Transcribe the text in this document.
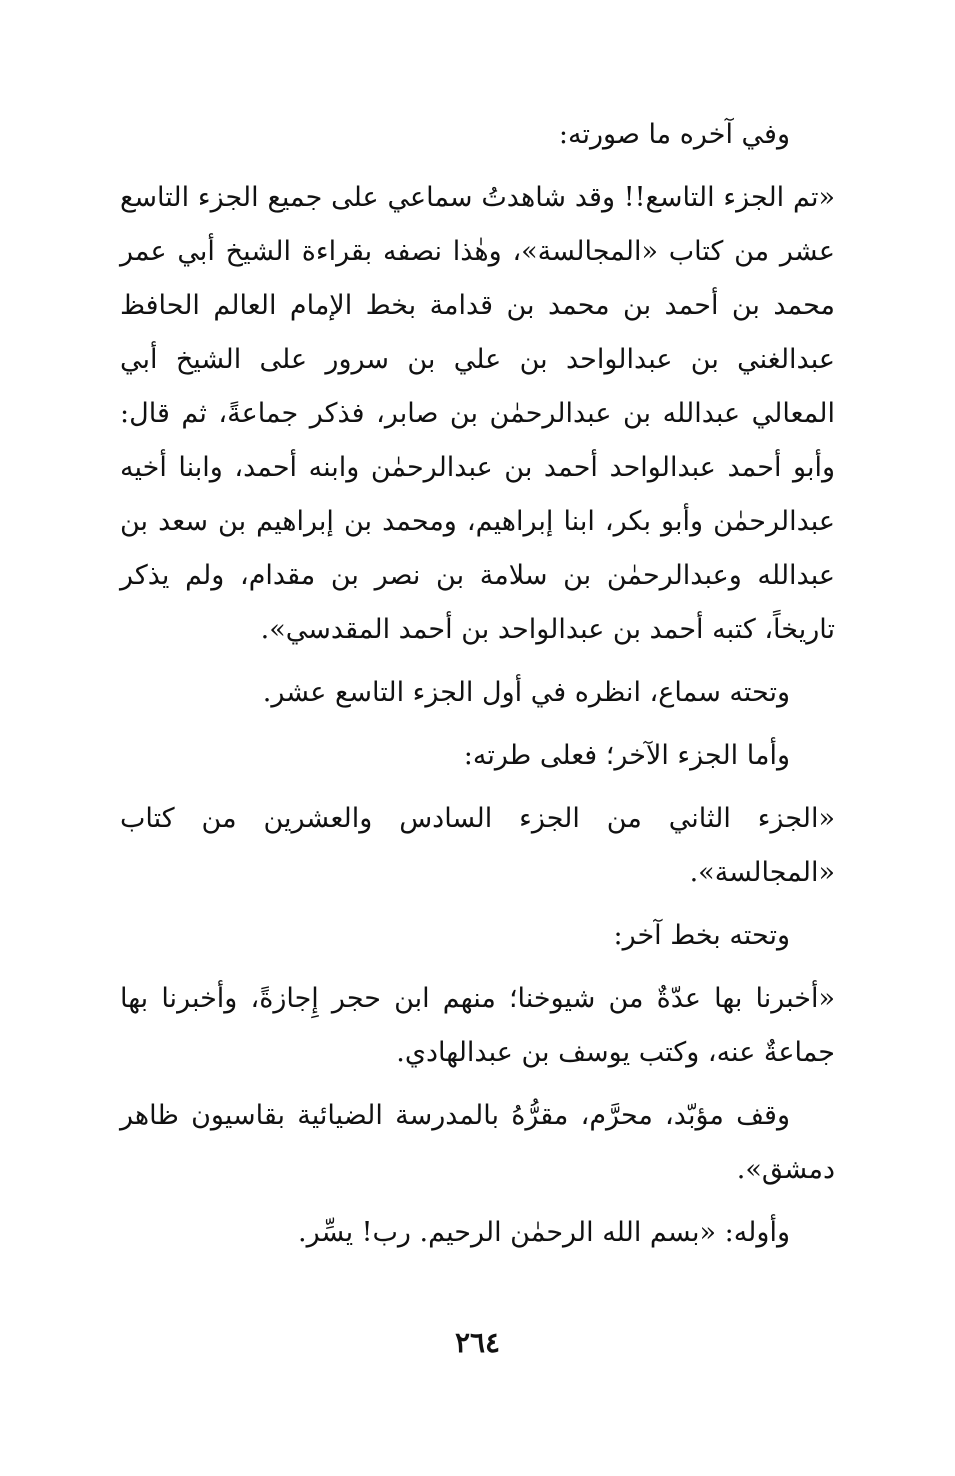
وفي آخره ما صورته:

«تم الجزء التاسع!! وقد شاهدتُ سماعي على جميع الجزء التاسع عشر من كتاب «المجالسة»، وهٰذا نصفه بقراءة الشيخ أبي عمر محمد بن أحمد بن محمد بن قدامة بخط الإمام العالم الحافظ عبدالغني بن عبدالواحد بن علي بن سرور على الشيخ أبي المعالي عبدالله بن عبدالرحمٰن بن صابر، فذكر جماعةً، ثم قال: وأبو أحمد عبدالواحد أحمد بن عبدالرحمٰن وابنه أحمد، وابنا أخيه عبدالرحمٰن وأبو بكر، ابنا إبراهيم، ومحمد بن إبراهيم بن سعد بن عبدالله وعبدالرحمٰن بن سلامة بن نصر بن مقدام، ولم يذكر تاريخاً، كتبه أحمد بن عبدالواحد بن أحمد المقدسي».

وتحته سماع، انظره في أول الجزء التاسع عشر.

وأما الجزء الآخر؛ فعلى طرته:

«الجزء الثاني من الجزء السادس والعشرين من كتاب «المجالسة».

وتحته بخط آخر:

«أخبرنا بها عدّةٌ من شيوخنا؛ منهم ابن حجر إِجازةً، وأخبرنا بها جماعةٌ عنه، وكتب يوسف بن عبدالهادي.

وقف مؤبّد، محرَّم، مقرُّهُ بالمدرسة الضيائية بقاسيون ظاهر دمشق».

وأوله: «بسم الله الرحمٰن الرحيم. رب! يسِّر.

٢٦٤
